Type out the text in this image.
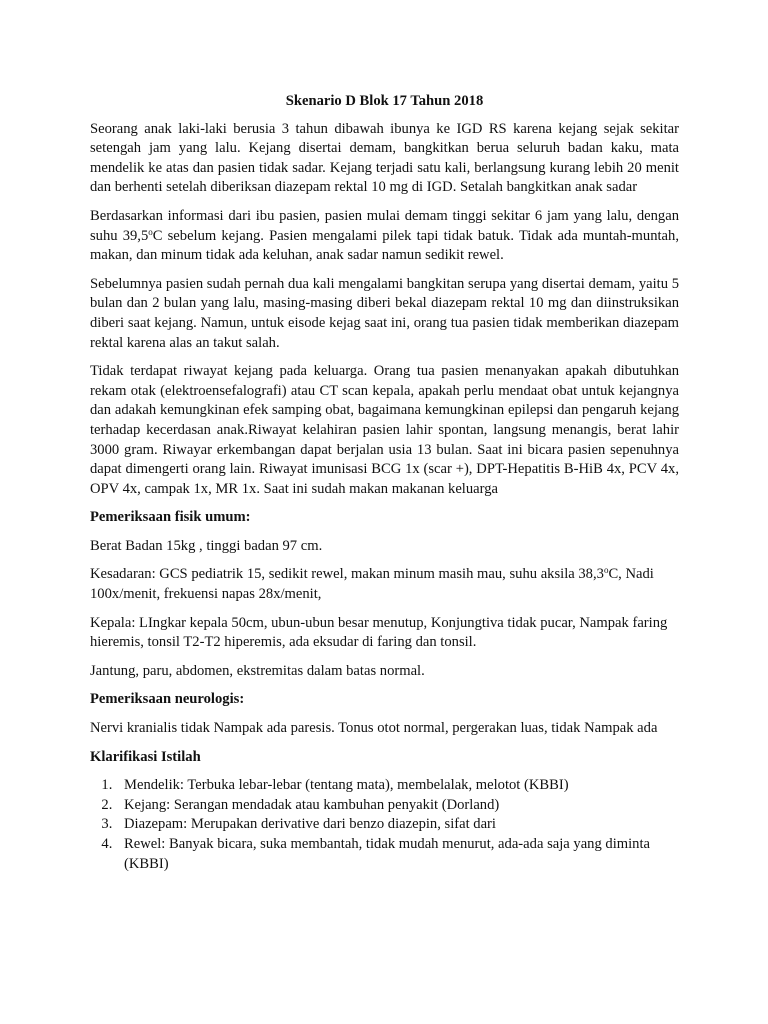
Skenario D Blok 17 Tahun 2018

Seorang anak laki-laki berusia 3 tahun dibawah ibunya ke IGD RS karena kejang sejak sekitar setengah jam yang lalu. Kejang disertai demam, bangkitkan berua seluruh badan kaku, mata mendelik ke atas dan pasien tidak sadar. Kejang terjadi satu kali, berlangsung kurang lebih 20 menit dan berhenti setelah diberiksan diazepam rektal 10 mg di IGD. Setalah bangkitkan anak sadar

Berdasarkan informasi dari ibu pasien, pasien mulai demam tinggi sekitar 6 jam yang lalu, dengan suhu 39,5$^o$C sebelum kejang. Pasien mengalami pilek tapi tidak batuk. Tidak ada muntah-muntah, makan, dan minum tidak ada keluhan, anak sadar namun sedikit rewel.

Sebelumnya pasien sudah pernah dua kali mengalami bangkitan serupa yang disertai demam, yaitu 5 bulan dan 2 bulan yang lalu, masing-masing diberi bekal diazepam rektal 10 mg dan diinstruksikan diberi saat kejang. Namun, untuk eisode kejag saat ini, orang tua pasien tidak memberikan diazepam rektal karena alas an takut salah.

Tidak terdapat riwayat kejang pada keluarga. Orang tua pasien menanyakan apakah dibutuhkan rekam otak (elektroensefalografi) atau CT scan kepala, apakah perlu mendaat obat untuk kejangnya dan adakah kemungkinan efek samping obat, bagaimana kemungkinan epilepsi dan pengaruh kejang terhadap kecerdasan anak.Riwayat kelahiran pasien lahir spontan, langsung menangis, berat lahir 3000 gram. Riwayar erkembangan dapat berjalan usia 13 bulan. Saat ini bicara pasien sepenuhnya dapat dimengerti orang lain. Riwayat imunisasi BCG 1x (scar +), DPT-Hepatitis B-HiB 4x, PCV 4x, OPV 4x, campak 1x, MR 1x. Saat ini sudah makan makanan keluarga

Pemeriksaan fisik umum:

Berat Badan 15kg , tinggi badan 97 cm.

Kesadaran: GCS pediatrik 15, sedikit rewel, makan minum masih mau, suhu aksila 38,3$^o$C, Nadi 100x/menit, frekuensi napas 28x/menit,

Kepala: LIngkar kepala 50cm, ubun-ubun besar menutup, Konjungtiva tidak pucar, Nampak faring hieremis, tonsil T2-T2 hiperemis, ada eksudar di faring dan tonsil.

Jantung, paru, abdomen, ekstremitas dalam batas normal.

Pemeriksaan neurologis:

Nervi kranialis tidak Nampak ada paresis. Tonus otot normal, pergerakan luas, tidak Nampak ada

Klarifikasi Istilah
1. Mendelik: Terbuka lebar-lebar (tentang mata), membelalak, melotot (KBBI)
2. Kejang: Serangan mendadak atau kambuhan penyakit (Dorland)
3. Diazepam: Merupakan derivative dari benzo diazepin, sifat dari
4. Rewel: Banyak bicara, suka membantah, tidak mudah menurut, ada-ada saja yang diminta (KBBI)
